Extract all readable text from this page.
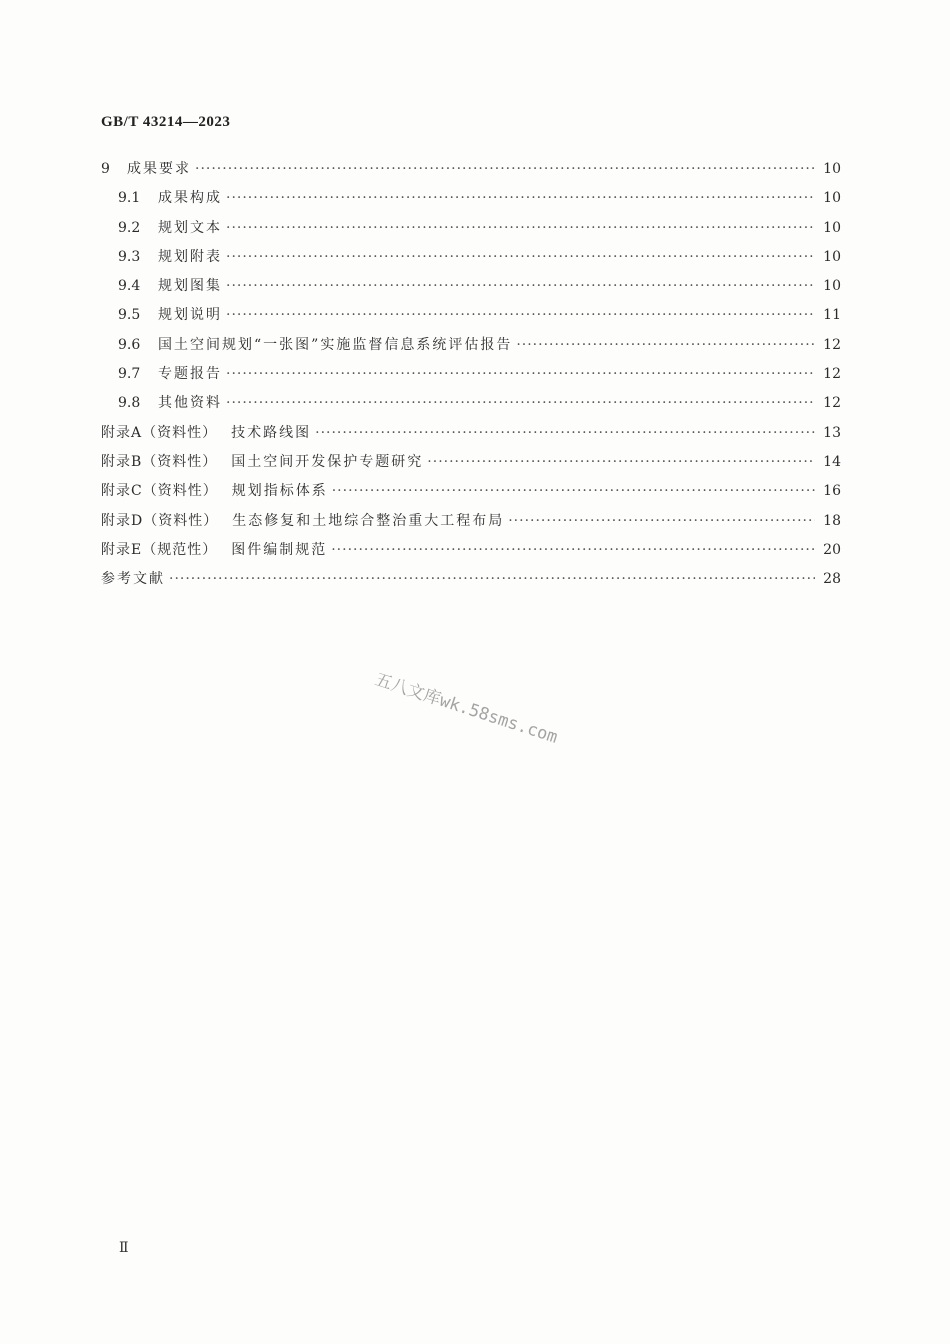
GB/T 43214—2023
9	成果要求 ·····	10
9.1	成果构成 ·····	10
9.2	规划文本 ·····	10
9.3	规划附表 ·····	10
9.4	规划图集 ·····	10
9.5	规划说明 ·····	11
9.6	国土空间规划“一张图”实施监督信息系统评估报告 ·····	12
9.7	专题报告 ·····	12
9.8	其他资料 ·····	12
附录A（资料性） 技术路线图 ·····	13
附录B（资料性） 国土空间开发保护专题研究 ·····	14
附录C（资料性） 规划指标体系 ·····	16
附录D（资料性） 生态修复和土地综合整治重大工程布局 ·····	18
附录E（规范性） 图件编制规范 ·····	20
参考文献 ·····	28
五八文库wk.58sms.com
Ⅱ
